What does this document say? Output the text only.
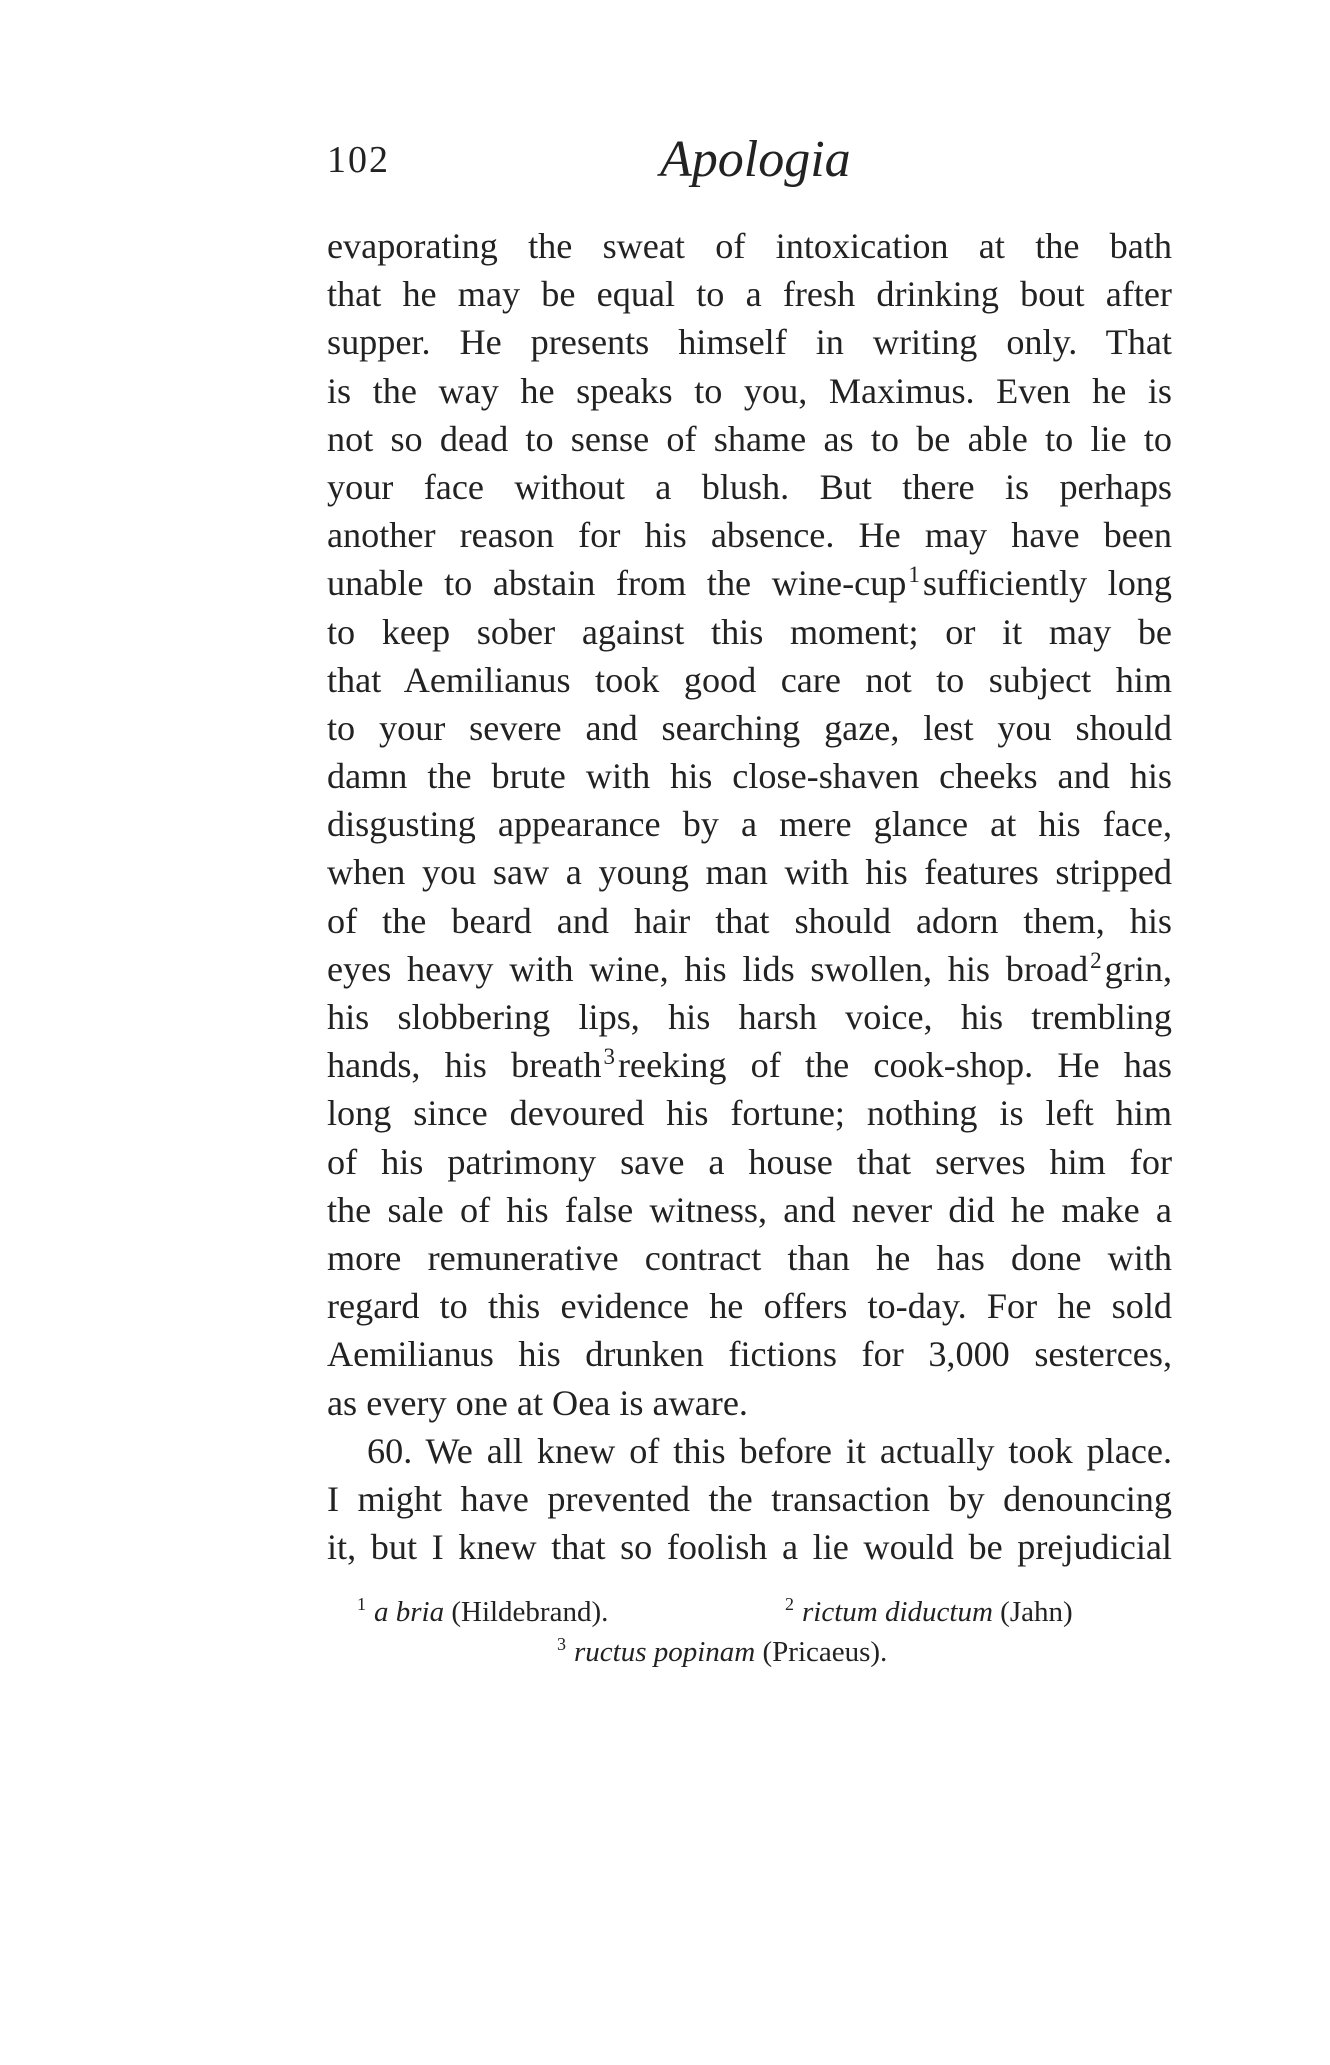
102	Apologia
evaporating the sweat of intoxication at the bath
that he may be equal to a fresh drinking bout after
supper. He presents himself in writing only. That
is the way he speaks to you, Maximus. Even he is
not so dead to sense of shame as to be able to lie to
your face without a blush. But there is perhaps
another reason for his absence. He may have been
unable to abstain from the wine-cup$^1$sufficiently long
to keep sober against this moment; or it may be
that Aemilianus took good care not to subject him
to your severe and searching gaze, lest you should
damn the brute with his close-shaven cheeks and his
disgusting appearance by a mere glance at his face,
when you saw a young man with his features stripped
of the beard and hair that should adorn them, his
eyes heavy with wine, his lids swollen, his broad$^2$grin,
his slobbering lips, his harsh voice, his trembling
hands, his breath$^3$reeking of the cook-shop. He has
long since devoured his fortune; nothing is left him
of his patrimony save a house that serves him for
the sale of his false witness, and never did he make a
more remunerative contract than he has done with
regard to this evidence he offers to-day. For he sold
Aemilianus his drunken fictions for 3,000 sesterces,
as every one at Oea is aware.
60. We all knew of this before it actually took place.
I might have prevented the transaction by denouncing
it, but I knew that so foolish a lie would be prejudicial
$^1$ a bria (Hildebrand).	$^2$ rictum diductum (Jahn)
$^3$ ructus popinam (Pricaeus).
